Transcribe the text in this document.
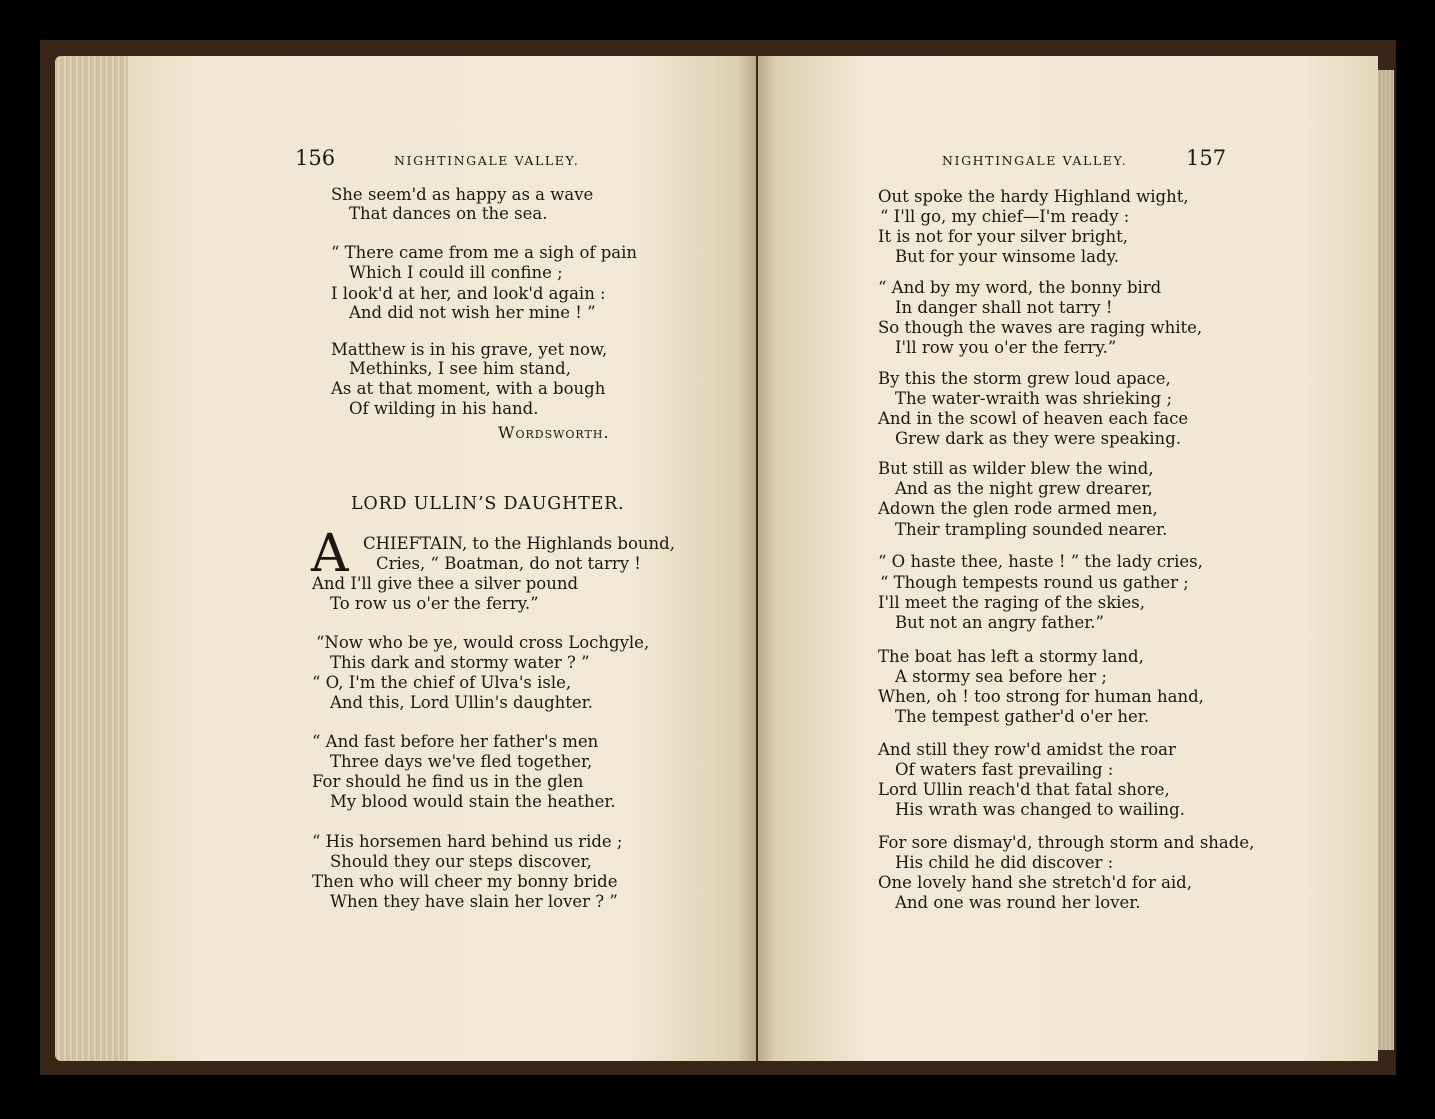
156	NIGHTINGALE VALLEY.
She seem'd as happy as a wave
That dances on the sea.
“ There came from me a sigh of pain
Which I could ill confine ;
I look'd at her, and look'd again :
And did not wish her mine ! ”
Matthew is in his grave, yet now,
Methinks, I see him stand,
As at that moment, with a bough
Of wilding in his hand.
Wordsworth.
LORD ULLIN’S DAUGHTER.
A CHIEFTAIN, to the Highlands bound,
Cries, “ Boatman, do not tarry !
And I'll give thee a silver pound
To row us o'er the ferry.”
“Now who be ye, would cross Lochgyle,
This dark and stormy water ? ”
“ O, I'm the chief of Ulva's isle,
And this, Lord Ullin's daughter.
“ And fast before her father's men
Three days we've fled together,
For should he find us in the glen
My blood would stain the heather.
“ His horsemen hard behind us ride ;
Should they our steps discover,
Then who will cheer my bonny bride
When they have slain her lover ? ”
NIGHTINGALE VALLEY.	157
Out spoke the hardy Highland wight,
“ I'll go, my chief—I'm ready :
It is not for your silver bright,
But for your winsome lady.
“ And by my word, the bonny bird
In danger shall not tarry !
So though the waves are raging white,
I'll row you o'er the ferry.”
By this the storm grew loud apace,
The water-wraith was shrieking ;
And in the scowl of heaven each face
Grew dark as they were speaking.
But still as wilder blew the wind,
And as the night grew drearer,
Adown the glen rode armed men,
Their trampling sounded nearer.
“ O haste thee, haste ! ” the lady cries,
“ Though tempests round us gather ;
I'll meet the raging of the skies,
But not an angry father.”
The boat has left a stormy land,
A stormy sea before her ;
When, oh ! too strong for human hand,
The tempest gather'd o'er her.
And still they row'd amidst the roar
Of waters fast prevailing :
Lord Ullin reach'd that fatal shore,
His wrath was changed to wailing.
For sore dismay'd, through storm and shade,
His child he did discover :
One lovely hand she stretch'd for aid,
And one was round her lover.
